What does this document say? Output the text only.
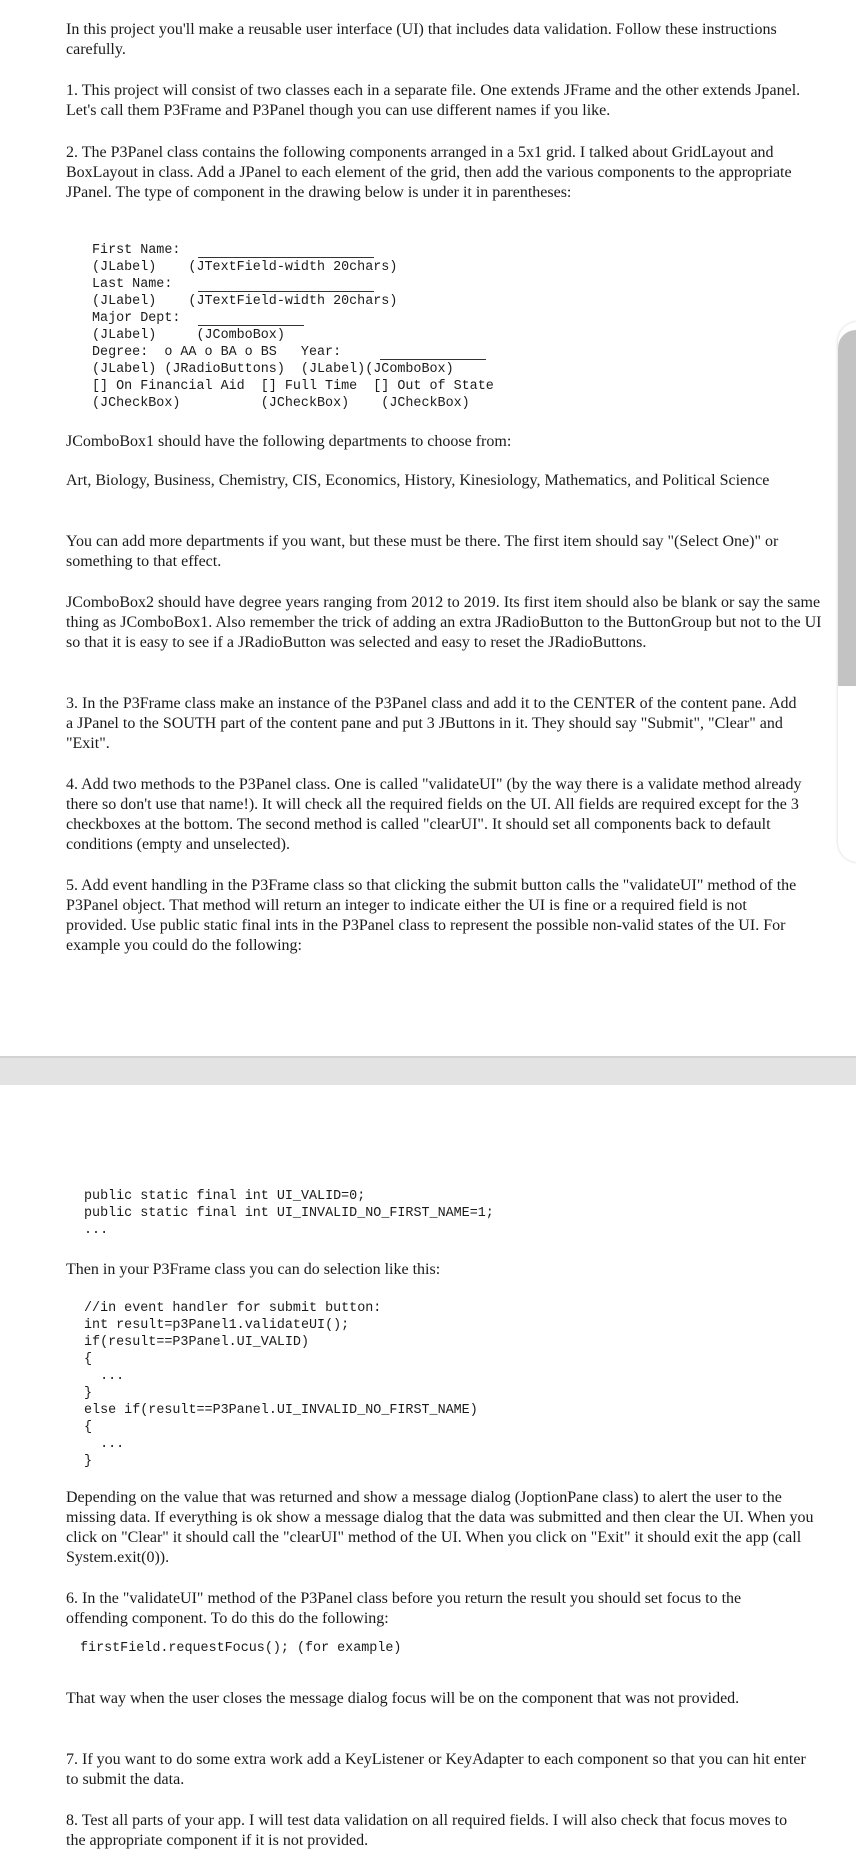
In this project you'll make a reusable user interface (UI) that includes data validation. Follow these instructions carefully.

1. This project will consist of two classes each in a separate file. One extends JFrame and the other extends Jpanel. Let's call them P3Frame and P3Panel though you can use different names if you like.

2. The P3Panel class contains the following components arranged in a 5x1 grid. I talked about GridLayout and BoxLayout in class. Add a JPanel to each element of the grid, then add the various components to the appropriate JPanel. The type of component in the drawing below is under it in parentheses:

First Name:
(JLabel)    (JTextField-width 20chars)
Last Name:
(JLabel)    (JTextField-width 20chars)
Major Dept:
(JLabel)     (JComboBox)
Degree:  o AA o BA o BS   Year:
(JLabel) (JRadioButtons)  (JLabel)(JComboBox)
[] On Financial Aid  [] Full Time  [] Out of State
(JCheckBox)          (JCheckBox)    (JCheckBox)

JComboBox1 should have the following departments to choose from:

Art, Biology, Business, Chemistry, CIS, Economics, History, Kinesiology, Mathematics, and Political Science

You can add more departments if you want, but these must be there. The first item should say "(Select One)" or something to that effect.

JComboBox2 should have degree years ranging from 2012 to 2019. Its first item should also be blank or say the same thing as JComboBox1. Also remember the trick of adding an extra JRadioButton to the ButtonGroup but not to the UI so that it is easy to see if a JRadioButton was selected and easy to reset the JRadioButtons.

3. In the P3Frame class make an instance of the P3Panel class and add it to the CENTER of the content pane. Add a JPanel to the SOUTH part of the content pane and put 3 JButtons in it. They should say "Submit", "Clear" and "Exit".

4. Add two methods to the P3Panel class. One is called "validateUI" (by the way there is a validate method already there so don't use that name!). It will check all the required fields on the UI. All fields are required except for the 3 checkboxes at the bottom. The second method is called "clearUI". It should set all components back to default conditions (empty and unselected).

5. Add event handling in the P3Frame class so that clicking the submit button calls the "validateUI" method of the P3Panel object. That method will return an integer to indicate either the UI is fine or a required field is not provided. Use public static final ints in the P3Panel class to represent the possible non-valid states of the UI. For example you could do the following:

public static final int UI_VALID=0;
public static final int UI_INVALID_NO_FIRST_NAME=1;
...

Then in your P3Frame class you can do selection like this:

//in event handler for submit button:
int result=p3Panel1.validateUI();
if(result==P3Panel.UI_VALID)
{
...
}
else if(result==P3Panel.UI_INVALID_NO_FIRST_NAME)
{
...
}

Depending on the value that was returned and show a message dialog (JoptionPane class) to alert the user to the missing data. If everything is ok show a message dialog that the data was submitted and then clear the UI. When you click on "Clear" it should call the "clearUI" method of the UI. When you click on "Exit" it should exit the app (call System.exit(0)).

6. In the "validateUI" method of the P3Panel class before you return the result you should set focus to the offending component. To do this do the following:

firstField.requestFocus(); (for example)

That way when the user closes the message dialog focus will be on the component that was not provided.

7. If you want to do some extra work add a KeyListener or KeyAdapter to each component so that you can hit enter to submit the data.

8. Test all parts of your app. I will test data validation on all required fields. I will also check that focus moves to the appropriate component if it is not provided.
